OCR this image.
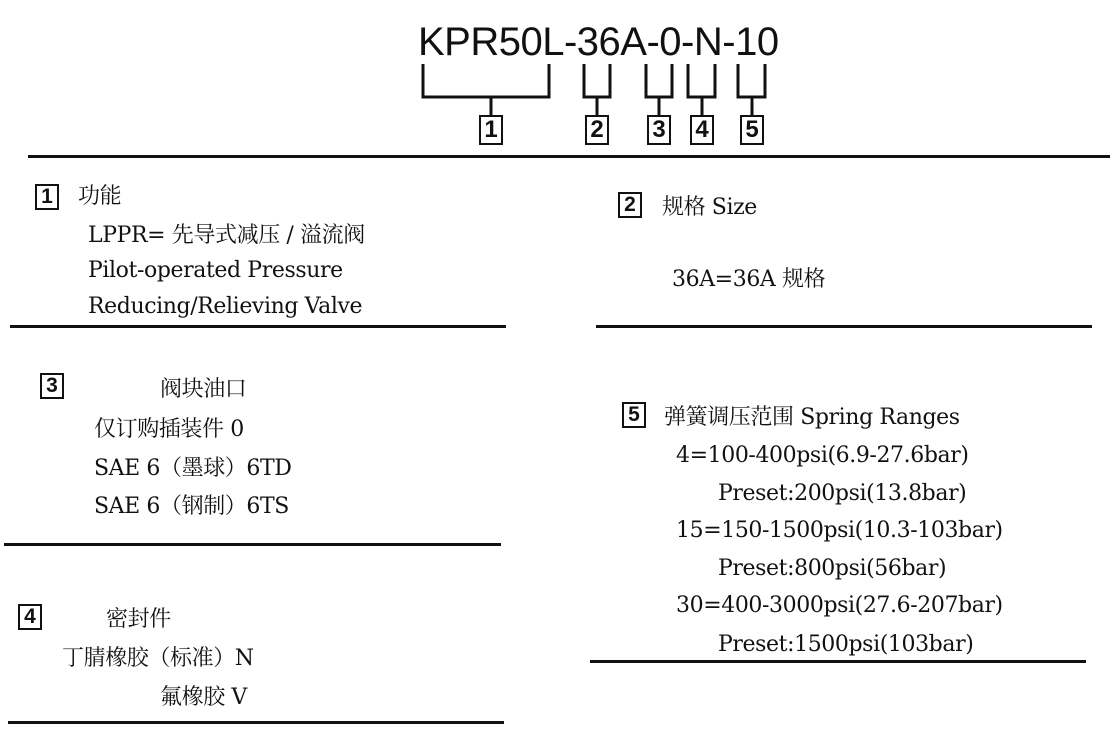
KPR50L-36A-0-N-10
1	2 3 4 5
1 功能
LPPR= 先导式减压 / 溢流阀
Pilot-operated Pressure
Reducing/Relieving Valve
2 规格 Size
36A=36A 规格
3	阀块油口
仅订购插装件 0
SAE 6（墨球）6TD
SAE 6（钢制）6TS
4	密封件
丁腈橡胶（标准）N
氟橡胶 V
5 弹簧调压范围 Spring Ranges
4=100-400psi(6.9-27.6bar)
Preset:200psi(13.8bar)
15=150-1500psi(10.3-103bar)
Preset:800psi(56bar)
30=400-3000psi(27.6-207bar)
Preset:1500psi(103bar)
